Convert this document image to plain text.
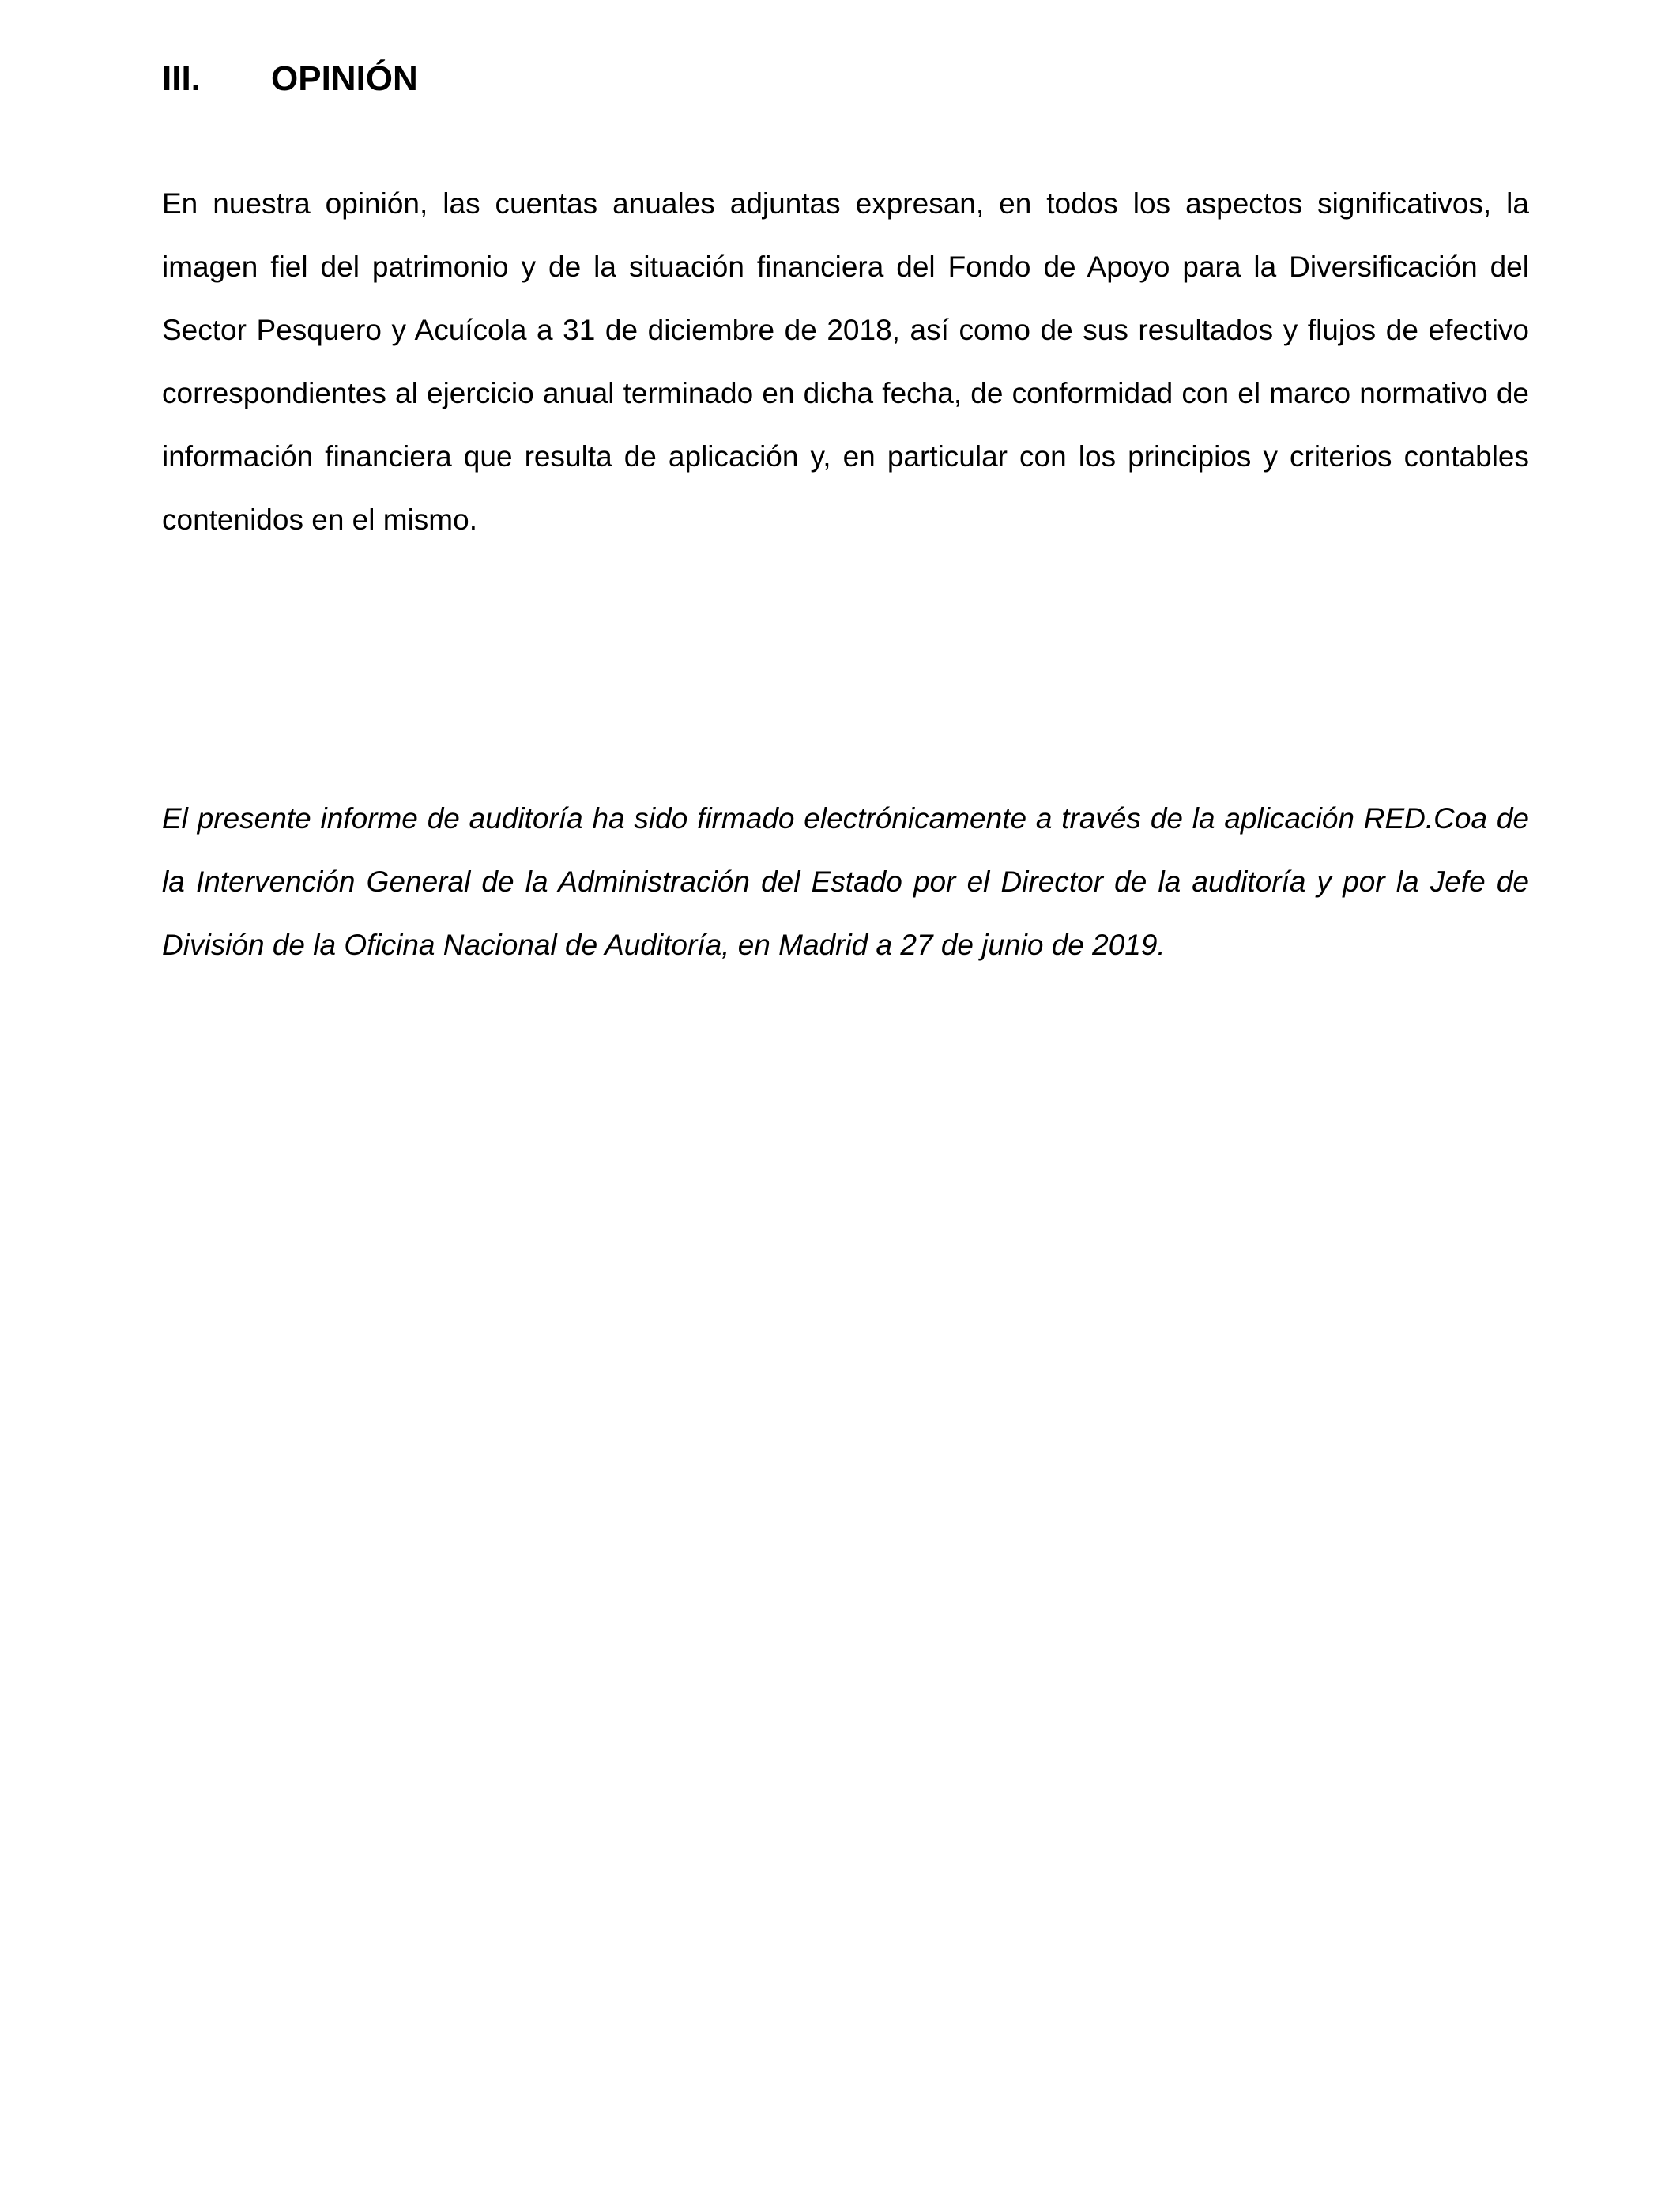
III.	OPINIÓN

En nuestra opinión, las cuentas anuales adjuntas expresan, en todos los aspectos significativos, la imagen fiel del patrimonio y de la situación financiera del Fondo de Apoyo para la Diversificación del Sector Pesquero y Acuícola a 31 de diciembre de 2018, así como de sus resultados y flujos de efectivo correspondientes al ejercicio anual terminado en dicha fecha, de conformidad con el marco normativo de información financiera que resulta de aplicación y, en particular con los principios y criterios contables contenidos en el mismo.

El presente informe de auditoría ha sido firmado electrónicamente a través de la aplicación RED.Coa de la Intervención General de la Administración del Estado por el Director de la auditoría y por la Jefe de División de la Oficina Nacional de Auditoría, en Madrid a 27 de junio de 2019.
